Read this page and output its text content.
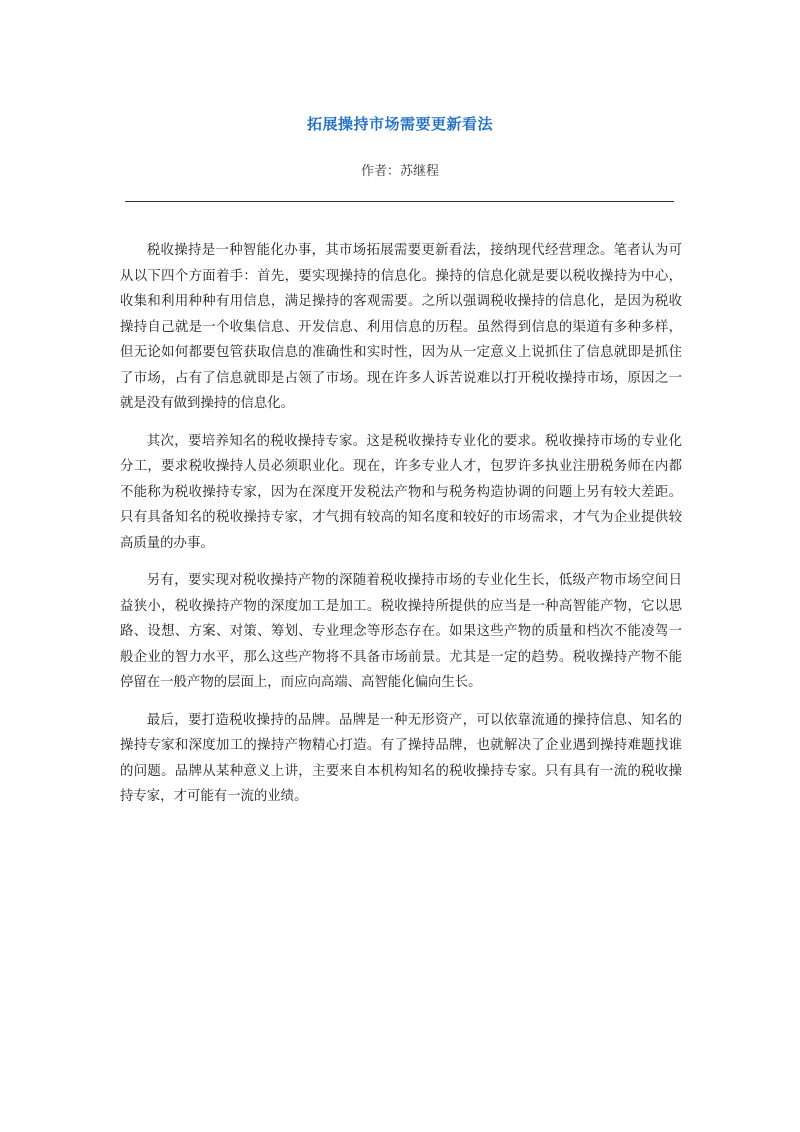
拓展操持市场需要更新看法
作者：苏继程

税收操持是一种智能化办事，其市场拓展需要更新看法，接纳现代经营理念。笔者认为可从以下四个方面着手：首先，要实现操持的信息化。操持的信息化就是要以税收操持为中心，收集和利用种种有用信息，满足操持的客观需要。之所以强调税收操持的信息化，是因为税收操持自己就是一个收集信息、开发信息、利用信息的历程。虽然得到信息的渠道有多种多样，但无论如何都要包管获取信息的准确性和实时性，因为从一定意义上说抓住了信息就即是抓住了市场，占有了信息就即是占领了市场。现在许多人诉苦说难以打开税收操持市场，原因之一就是没有做到操持的信息化。

其次，要培养知名的税收操持专家。这是税收操持专业化的要求。税收操持市场的专业化分工，要求税收操持人员必须职业化。现在，许多专业人才，包罗许多执业注册税务师在内都不能称为税收操持专家，因为在深度开发税法产物和与税务构造协调的问题上另有较大差距。只有具备知名的税收操持专家，才气拥有较高的知名度和较好的市场需求，才气为企业提供较高质量的办事。

另有，要实现对税收操持产物的深随着税收操持市场的专业化生长，低级产物市场空间日益狭小，税收操持产物的深度加工是加工。税收操持所提供的应当是一种高智能产物，它以思路、设想、方案、对策、筹划、专业理念等形态存在。如果这些产物的质量和档次不能凌驾一般企业的智力水平，那么这些产物将不具备市场前景。尤其是一定的趋势。税收操持产物不能停留在一般产物的层面上，而应向高端、高智能化偏向生长。

最后，要打造税收操持的品牌。品牌是一种无形资产，可以依靠流通的操持信息、知名的操持专家和深度加工的操持产物精心打造。有了操持品牌，也就解决了企业遇到操持难题找谁的问题。品牌从某种意义上讲，主要来自本机构知名的税收操持专家。只有具有一流的税收操持专家，才可能有一流的业绩。
